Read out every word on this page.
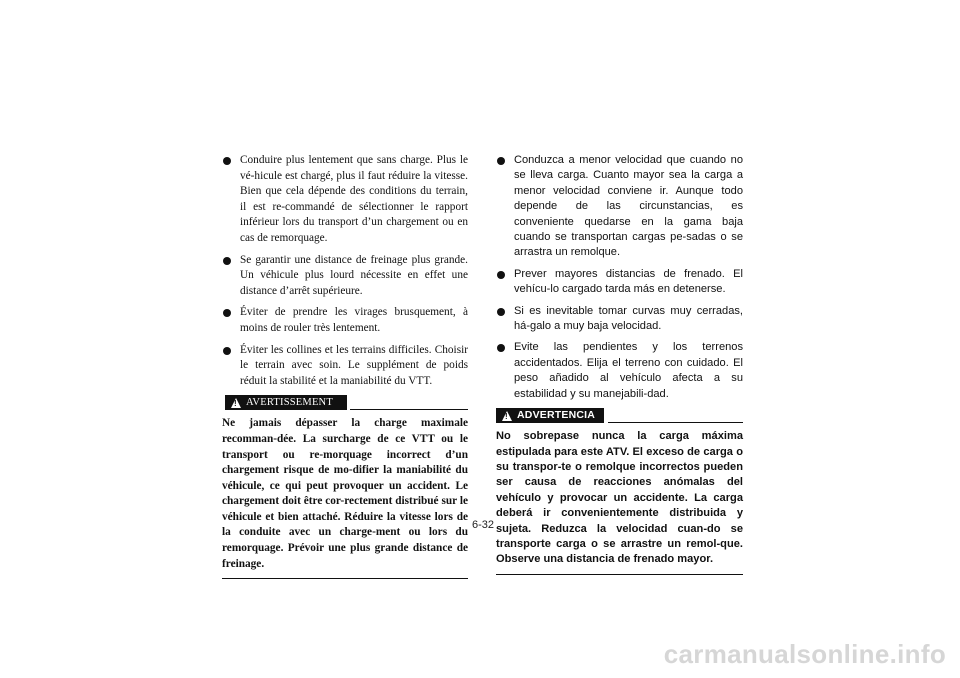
Conduire plus lentement que sans charge. Plus le vé-hicule est chargé, plus il faut réduire la vitesse. Bien que cela dépende des conditions du terrain, il est re-commandé de sélectionner le rapport inférieur lors du transport d’un chargement ou en cas de remorquage.
Se garantir une distance de freinage plus grande. Un véhicule plus lourd nécessite en effet une distance d’arrêt supérieure.
Éviter de prendre les virages brusquement, à moins de rouler très lentement.
Éviter les collines et les terrains difficiles. Choisir le terrain avec soin. Le supplément de poids réduit la stabilité et la maniabilité du VTT.
!
AVERTISSEMENT
Ne jamais dépasser la charge maximale recomman-dée. La surcharge de ce VTT ou le transport ou re-morquage incorrect d’un chargement risque de mo-difier la maniabilité du véhicule, ce qui peut provoquer un accident. Le chargement doit être cor-rectement distribué sur le véhicule et bien attaché. Réduire la vitesse lors de la conduite avec un charge-ment ou lors du remorquage. Prévoir une plus grande distance de freinage.
Conduzca a menor velocidad que cuando no se lleva carga. Cuanto mayor sea la carga a menor velocidad conviene ir. Aunque todo depende de las circunstancias, es conveniente quedarse en la gama baja cuando se transportan cargas pe-sadas o se arrastra un remolque.
Prever mayores distancias de frenado. El vehícu-lo cargado tarda más en detenerse.
Si es inevitable tomar curvas muy cerradas, há-galo a muy baja velocidad.
Evite las pendientes y los terrenos accidentados. Elija el terreno con cuidado. El peso añadido al vehículo afecta a su estabilidad y su manejabili-dad.
!
ADVERTENCIA
No sobrepase nunca la carga máxima estipulada para este ATV. El exceso de carga o su transpor-te o remolque incorrectos pueden ser causa de reacciones anómalas del vehículo y provocar un accidente. La carga deberá ir convenientemente distribuida y sujeta. Reduzca la velocidad cuan-do se transporte carga o se arrastre un remol-que. Observe una distancia de frenado mayor.
6-32
carmanualsonline.info
